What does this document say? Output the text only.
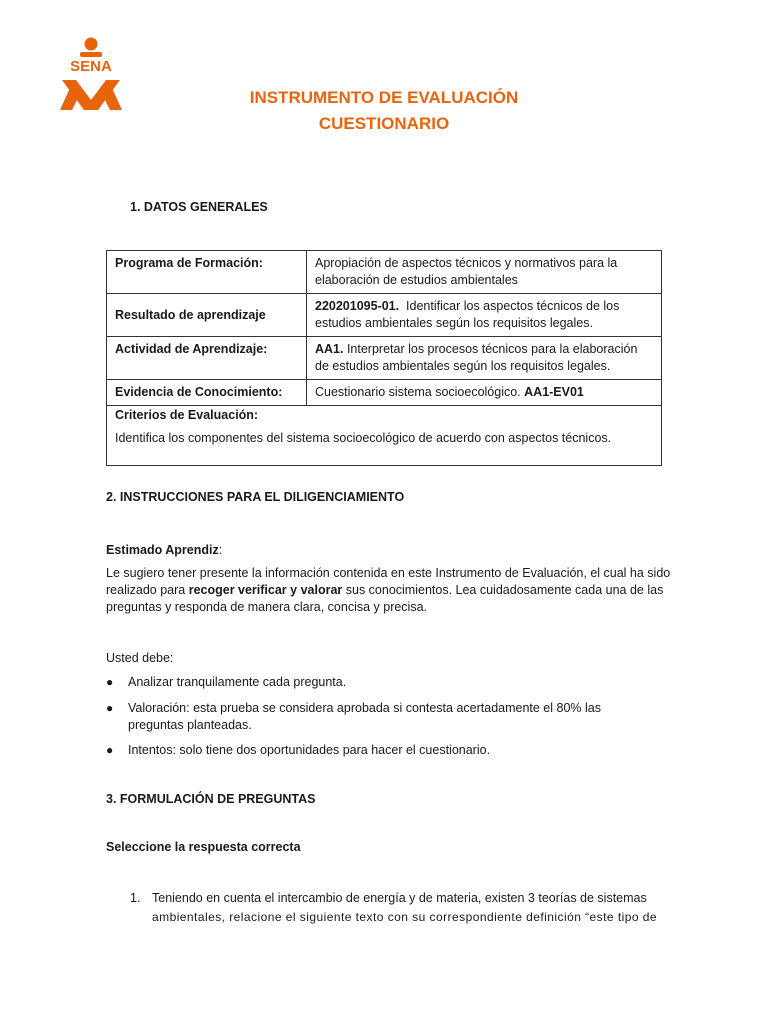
SENA
INSTRUMENTO DE EVALUACIÓN
CUESTIONARIO
1. DATOS GENERALES
Programa de Formación:	Apropiación de aspectos técnicos y normativos para la elaboración de estudios ambientales
Resultado de aprendizaje	220201095-01.  Identificar los aspectos técnicos de los estudios ambientales según los requisitos legales.
Actividad de Aprendizaje:	AA1. Interpretar los procesos técnicos para la elaboración de estudios ambientales según los requisitos legales.
Evidencia de Conocimiento:	Cuestionario sistema socioecológico. AA1-EV01

Criterios de Evaluación:
Identifica los componentes del sistema socioecológico de acuerdo con aspectos técnicos.	
2. INSTRUCCIONES PARA EL DILIGENCIAMIENTO
Estimado Aprendiz:
Le sugiero tener presente la información contenida en este Instrumento de Evaluación, el cual ha sido realizado para recoger verificar y valorar sus conocimientos. Lea cuidadosamente cada una de las preguntas y responda de manera clara, concisa y precisa.
Usted debe:
● Analizar tranquilamente cada pregunta.
● Valoración: esta prueba se considera aprobada si contesta acertadamente el 80% las preguntas planteadas.
● Intentos: solo tiene dos oportunidades para hacer el cuestionario.
3. FORMULACIÓN DE PREGUNTAS
Seleccione la respuesta correcta
1. Teniendo en cuenta el intercambio de energía y de materia, existen 3 teorías de sistemas
ambientales, relacione el siguiente texto con su correspondiente definición “este tipo de
